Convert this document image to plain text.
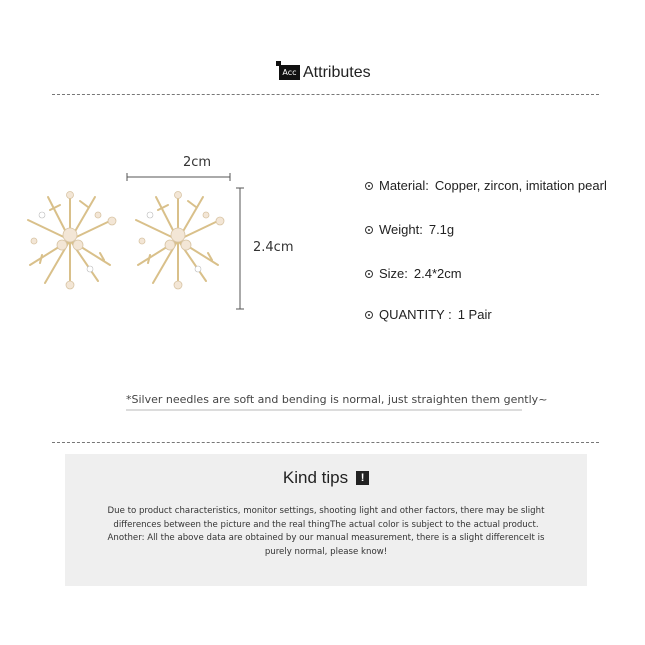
Acc Attributes
2cm
2.4cm
Material: Copper, zircon, imitation pearl
Weight: 7.1g
Size: 2.4*2cm
QUANTITY : 1 Pair
*Silver needles are soft and bending is normal, just straighten them gently~
Kind tips !
Due to product characteristics, monitor settings, shooting light and other factors, there may be slight
differences between the picture and the real thingThe actual color is subject to the actual product.
Another: All the above data are obtained by our manual measurement, there is a slight differenceIt is
purely normal, please know!
